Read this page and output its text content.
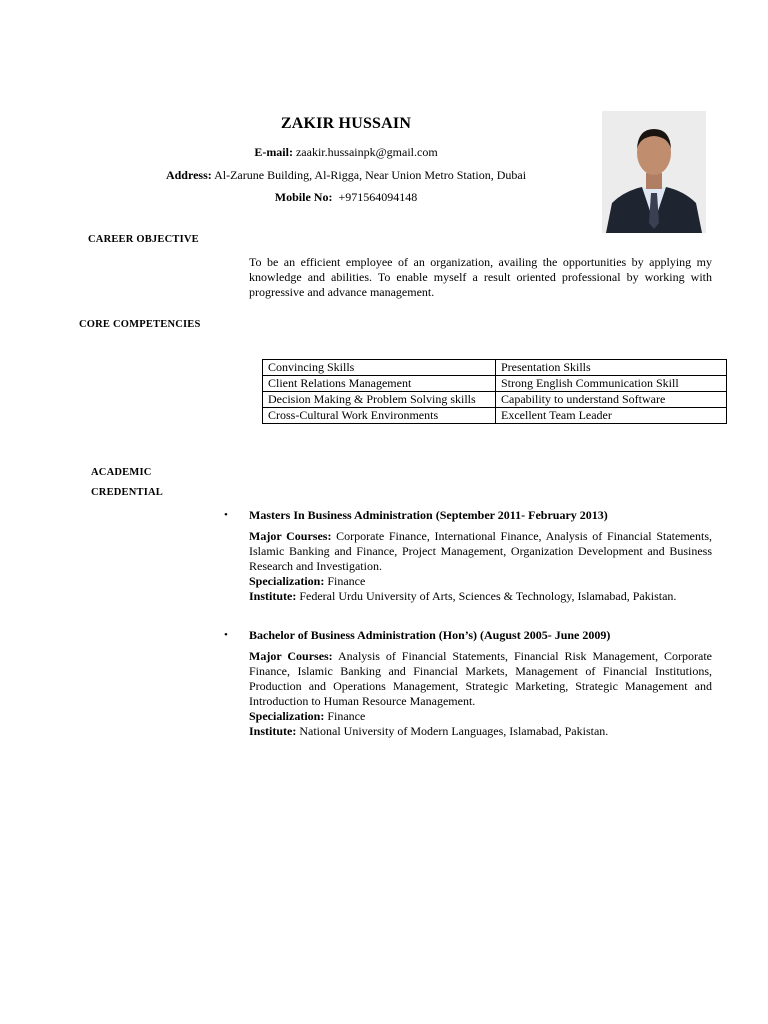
ZAKIR HUSSAIN
E-mail: zaakir.hussainpk@gmail.com
Address: Al-Zarune Building, Al-Rigga, Near Union Metro Station, Dubai
Mobile No: +971564094148
CAREER OBJECTIVE
To be an efficient employee of an organization, availing the opportunities by applying my knowledge and abilities. To enable myself a result oriented professional by working with progressive and advance management.
CORE COMPETENCIES
Convincing Skills	Presentation Skills
Client Relations Management	Strong English Communication Skill
Decision Making & Problem Solving skills	Capability to understand Software
Cross-Cultural Work Environments	Excellent Team Leader
ACADEMIC
CREDENTIAL
• Masters In Business Administration (September 2011- February 2013)
Major Courses: Corporate Finance, International Finance, Analysis of Financial Statements, Islamic Banking and Finance, Project Management, Organization Development and Business Research and Investigation.
Specialization: Finance
Institute: Federal Urdu University of Arts, Sciences & Technology, Islamabad, Pakistan.
• Bachelor of Business Administration (Hon’s) (August 2005- June 2009)
Major Courses: Analysis of Financial Statements, Financial Risk Management, Corporate Finance, Islamic Banking and Financial Markets, Management of Financial Institutions, Production and Operations Management, Strategic Marketing, Strategic Management and Introduction to Human Resource Management.
Specialization: Finance
Institute: National University of Modern Languages, Islamabad, Pakistan.
